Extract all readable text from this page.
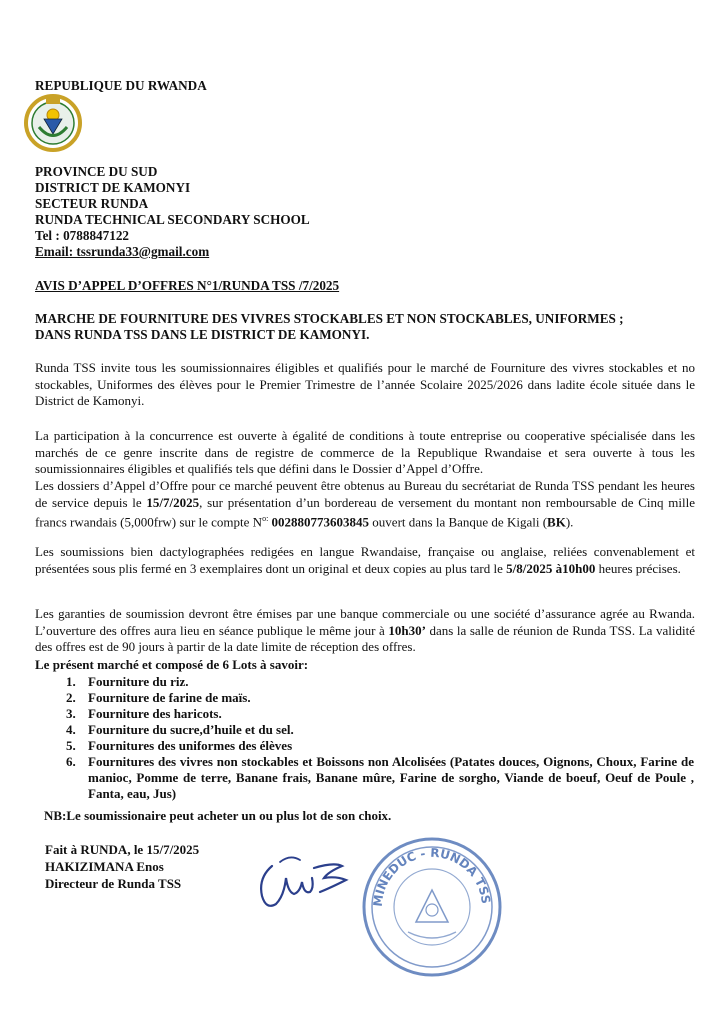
REPUBLIQUE DU RWANDA
PROVINCE DU SUD
DISTRICT DE KAMONYI
SECTEUR RUNDA
RUNDA TECHNICAL SECONDARY SCHOOL
Tel : 0788847122
Email: tssrunda33@gmail.com
AVIS D’APPEL D’OFFRES N°1/RUNDA TSS /7/2025
MARCHE DE FOURNITURE DES VIVRES STOCKABLES ET NON STOCKABLES, UNIFORMES ;
DANS RUNDA TSS DANS LE DISTRICT DE KAMONYI.
Runda TSS invite tous les soumissionnaires éligibles et qualifiés pour le marché de Fourniture des vivres stockables et no stockables, Uniformes des élèves pour le Premier Trimestre de l’année Scolaire 2025/2026 dans ladite école située dans le District de Kamonyi.
La participation à la concurrence est ouverte à égalité de conditions à toute entreprise ou cooperative spécialisée dans les marchés de ce genre inscrite dans de registre de commerce de la Republique Rwandaise et sera ouverte à tous les soumissionnaires éligibles et qualifiés tels que défini dans le Dossier d’Appel d’Offre.
Les dossiers d’Appel d’Offre pour ce marché peuvent être obtenus au Bureau du secrétariat de Runda TSS pendant les heures de service depuis le 15/7/2025, sur présentation d’un bordereau de versement du montant non remboursable de Cinq mille francs rwandais (5,000frw) sur le compte $N^{o:}$ 002880773603845 ouvert dans la Banque de Kigali (BK).
Les soumissions bien dactylographées redigées en langue Rwandaise, française ou anglaise, reliées convenablement et présentées sous plis fermé en 3 exemplaires dont un original et deux copies au plus tard le 5/8/2025 à10h00 heures précises.
Les garanties de soumission devront être émises par une banque commerciale ou une société d’assurance agrée au Rwanda. L’ouverture des offres aura lieu en séance publique le même jour à 10h30’ dans la salle de réunion de Runda TSS. La validité des offres est de 90 jours à partir de la date limite de réception des offres.
Le présent marché et composé de 6 Lots à savoir:
1. Fourniture du riz.
2. Fourniture de farine de maïs.
3. Fourniture des haricots.
4. Fourniture du sucre,d’huile et du sel.
5. Fournitures des uniformes des élèves
6. Fournitures des vivres non stockables et Boissons non Alcolisées (Patates douces, Oignons, Choux, Farine de manioc, Pomme de terre, Banane frais, Banane mûre, Farine de sorgho, Viande de boeuf, Oeuf de Poule , Fanta, eau, Jus)
NB:Le soumissionaire peut acheter un ou plus lot de son choix.
Fait à RUNDA, le 15/7/2025
HAKIZIMANA Enos
Directeur de Runda TSS
MINEDUC - RUNDA TSS
